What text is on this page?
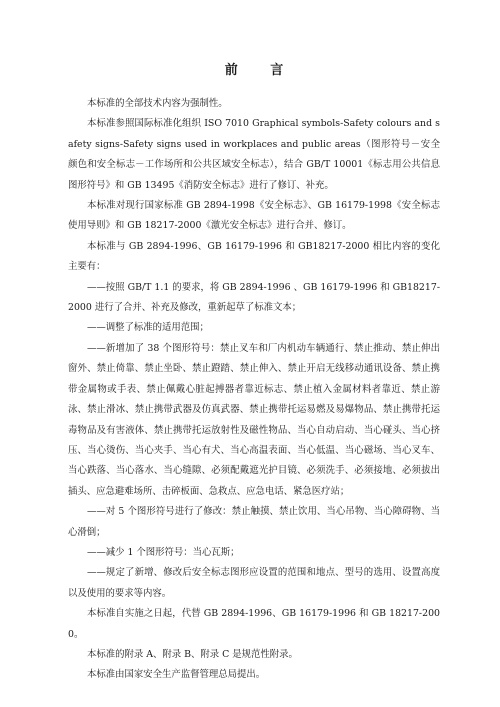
前 言

本标准的全部技术内容为强制性。

本标准参照国际标准化组织 ISO 7010 Graphical symbols-Safety colours and safety signs-Safety signs used in workplaces and public areas（图形符号－安全颜色和安全标志－工作场所和公共区域安全标志），结合 GB/T 10001《标志用公共信息图形符号》和 GB 13495《消防安全标志》进行了修订、补充。

本标准对现行国家标准 GB 2894-1998《安全标志》、GB 16179-1998《安全标志使用导则》和 GB 18217-2000《激光安全标志》进行合并、修订。

本标准与 GB 2894-1996、GB 16179-1996 和 GB18217-2000 相比内容的变化主要有：

——按照 GB/T 1.1 的要求，将 GB 2894-1996 、GB 16179-1996 和 GB18217-2000 进行了合并、补充及修改，重新起草了标准文本；

——调整了标准的适用范围；

——新增加了 38 个图形符号：禁止叉车和厂内机动车辆通行、禁止推动、禁止伸出窗外、禁止倚靠、禁止坐卧、禁止蹬踏、禁止伸入、禁止开启无线移动通讯设备、禁止携带金属物或手表、禁止佩戴心脏起搏器者靠近标志、禁止植入金属材料者靠近、禁止游泳、禁止滑冰、禁止携带武器及仿真武器、禁止携带托运易燃及易爆物品、禁止携带托运毒物品及有害液体、禁止携带托运放射性及磁性物品、当心自动启动、当心碰头、当心挤压、当心烫伤、当心夹手、当心有犬、当心高温表面、当心低温、当心磁场、当心叉车、当心跌落、当心落水、当心缝隙、必须配戴遮光护目镜、必须洗手、必须接地、必须拔出插头、应急避难场所、击碎板面、急救点、应急电话、紧急医疗站；

——对 5 个图形符号进行了修改：禁止触摸、禁止饮用、当心吊物、当心障碍物、当心滑倒；

——减少 1 个图形符号：当心瓦斯；

——规定了新增、修改后安全标志图形应设置的范围和地点、型号的选用、设置高度以及使用的要求等内容。

本标准自实施之日起，代替 GB 2894-1996、GB 16179-1996 和 GB 18217-2000。

本标准的附录 A、附录 B、附录 C 是规范性附录。

本标准由国家安全生产监督管理总局提出。
